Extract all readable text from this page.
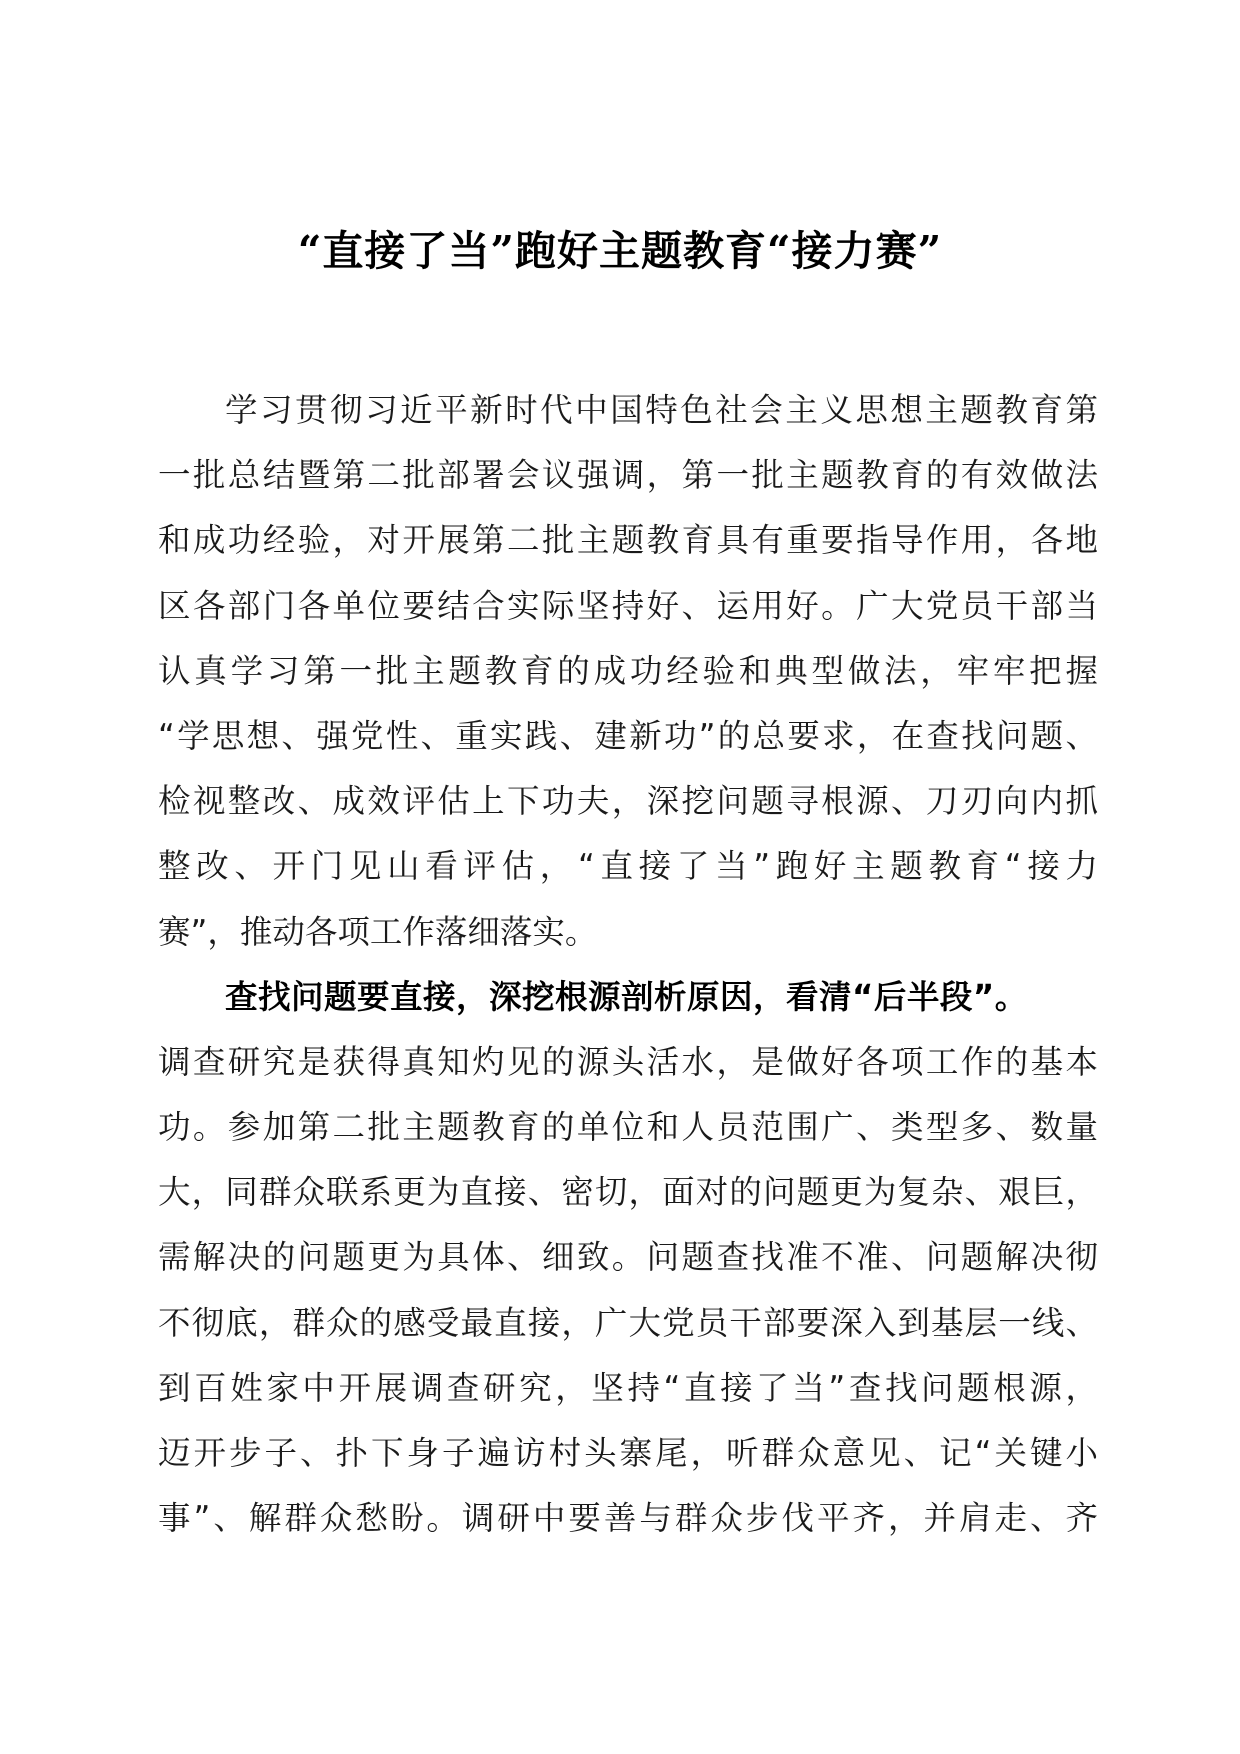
“直接了当”跑好主题教育“接力赛”
学习贯彻习近平新时代中国特色社会主义思想主题教育第
一批总结暨第二批部署会议强调，第一批主题教育的有效做法
和成功经验，对开展第二批主题教育具有重要指导作用，各地
区各部门各单位要结合实际坚持好、运用好。广大党员干部当
认真学习第一批主题教育的成功经验和典型做法，牢牢把握
“学思想、强党性、重实践、建新功”的总要求，在查找问题、
检视整改、成效评估上下功夫，深挖问题寻根源、刀刃向内抓
整改、开门见山看评估，“直接了当”跑好主题教育“接力
赛”，推动各项工作落细落实。
查找问题要直接，深挖根源剖析原因，看清“后半段”。
调查研究是获得真知灼见的源头活水，是做好各项工作的基本
功。参加第二批主题教育的单位和人员范围广、类型多、数量
大，同群众联系更为直接、密切，面对的问题更为复杂、艰巨，
需解决的问题更为具体、细致。问题查找准不准、问题解决彻
不彻底，群众的感受最直接，广大党员干部要深入到基层一线、
到百姓家中开展调查研究，坚持“直接了当”查找问题根源，
迈开步子、扑下身子遍访村头寨尾，听群众意见、记“关键小
事”、解群众愁盼。调研中要善与群众步伐平齐，并肩走、齐
